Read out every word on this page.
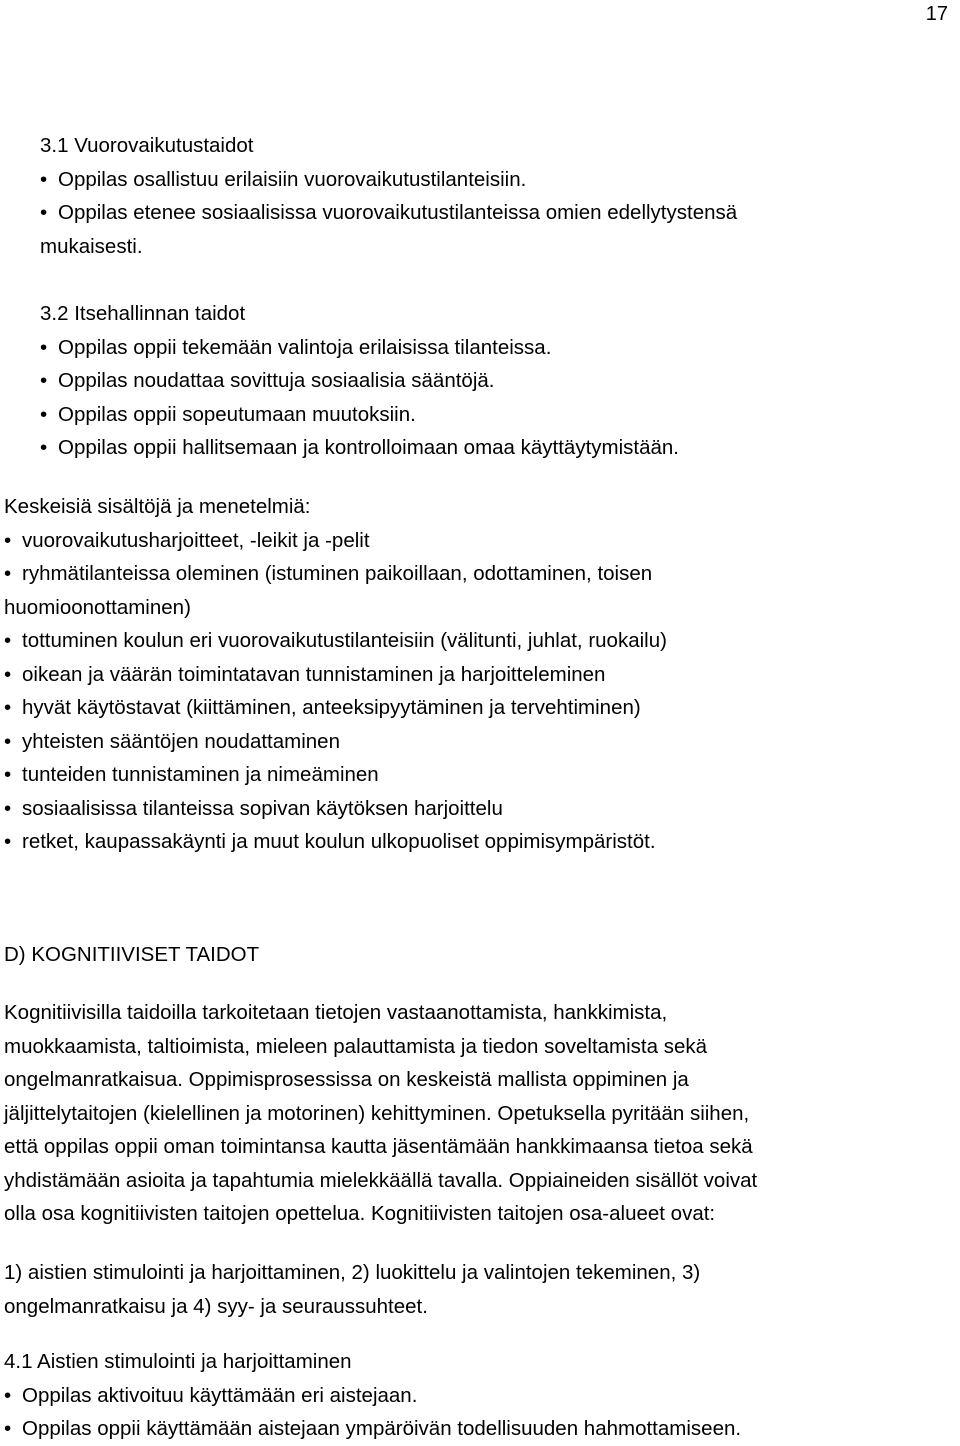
17
3.1 Vuorovaikutustaidot
• Oppilas osallistuu erilaisiin vuorovaikutustilanteisiin.
• Oppilas etenee sosiaalisissa vuorovaikutustilanteissa omien edellytystensä
mukaisesti.
3.2 Itsehallinnan taidot
• Oppilas oppii tekemään valintoja erilaisissa tilanteissa.
• Oppilas noudattaa sovittuja sosiaalisia sääntöjä.
• Oppilas oppii sopeutumaan muutoksiin.
• Oppilas oppii hallitsemaan ja kontrolloimaan omaa käyttäytymistään.
Keskeisiä sisältöjä ja menetelmiä:
• vuorovaikutusharjoitteet, -leikit ja -pelit
• ryhmätilanteissa oleminen (istuminen paikoillaan, odottaminen, toisen
huomioonottaminen)
• tottuminen koulun eri vuorovaikutustilanteisiin (välitunti, juhlat, ruokailu)
• oikean ja väärän toimintatavan tunnistaminen ja harjoitteleminen
• hyvät käytöstavat (kiittäminen, anteeksipyytäminen ja tervehtiminen)
• yhteisten sääntöjen noudattaminen
• tunteiden tunnistaminen ja nimeäminen
• sosiaalisissa tilanteissa sopivan käytöksen harjoittelu
• retket, kaupassakäynti ja muut koulun ulkopuoliset oppimisympäristöt.
D) KOGNITIIVISET TAIDOT
Kognitiivisilla taidoilla tarkoitetaan tietojen vastaanottamista, hankkimista,
muokkaamista, taltioimista, mieleen palauttamista ja tiedon soveltamista sekä
ongelmanratkaisua. Oppimisprosessissa on keskeistä mallista oppiminen ja
jäljittelytaitojen (kielellinen ja motorinen) kehittyminen. Opetuksella pyritään siihen,
että oppilas oppii oman toimintansa kautta jäsentämään hankkimaansa tietoa sekä
yhdistämään asioita ja tapahtumia mielekkäällä tavalla. Oppiaineiden sisällöt voivat
olla osa kognitiivisten taitojen opettelua. Kognitiivisten taitojen osa-alueet ovat:
1) aistien stimulointi ja harjoittaminen, 2) luokittelu ja valintojen tekeminen, 3)
ongelmanratkaisu ja 4) syy- ja seuraussuhteet.
4.1 Aistien stimulointi ja harjoittaminen
• Oppilas aktivoituu käyttämään eri aistejaan.
• Oppilas oppii käyttämään aistejaan ympäröivän todellisuuden hahmottamiseen.
